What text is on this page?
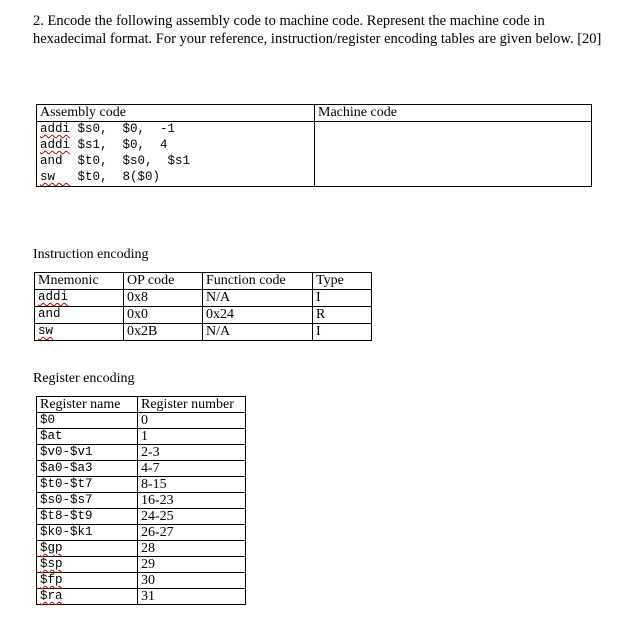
2. Encode the following assembly code to machine code. Represent the machine code in hexadecimal format. For your reference, instruction/register encoding tables are given below. [20]
Assembly code	Machine code
addi $s0,  $0,  -1	
addi $s1,  $0,  4	
and  $t0,  $s0,  $s1	
sw   $t0,  8($0)	
Instruction encoding
Mnemonic	OP code	Function code	Type
addi	0x8	N/A	I
and	0x0	0x24	R
sw	0x2B	N/A	I
Register encoding
Register name	Register number
$0	0
$at	1
$v0-$v1	2-3
$a0-$a3	4-7
$t0-$t7	8-15
$s0-$s7	16-23
$t8-$t9	24-25
$k0-$k1	26-27
$gp	28
$sp	29
$fp	30
$ra	31
